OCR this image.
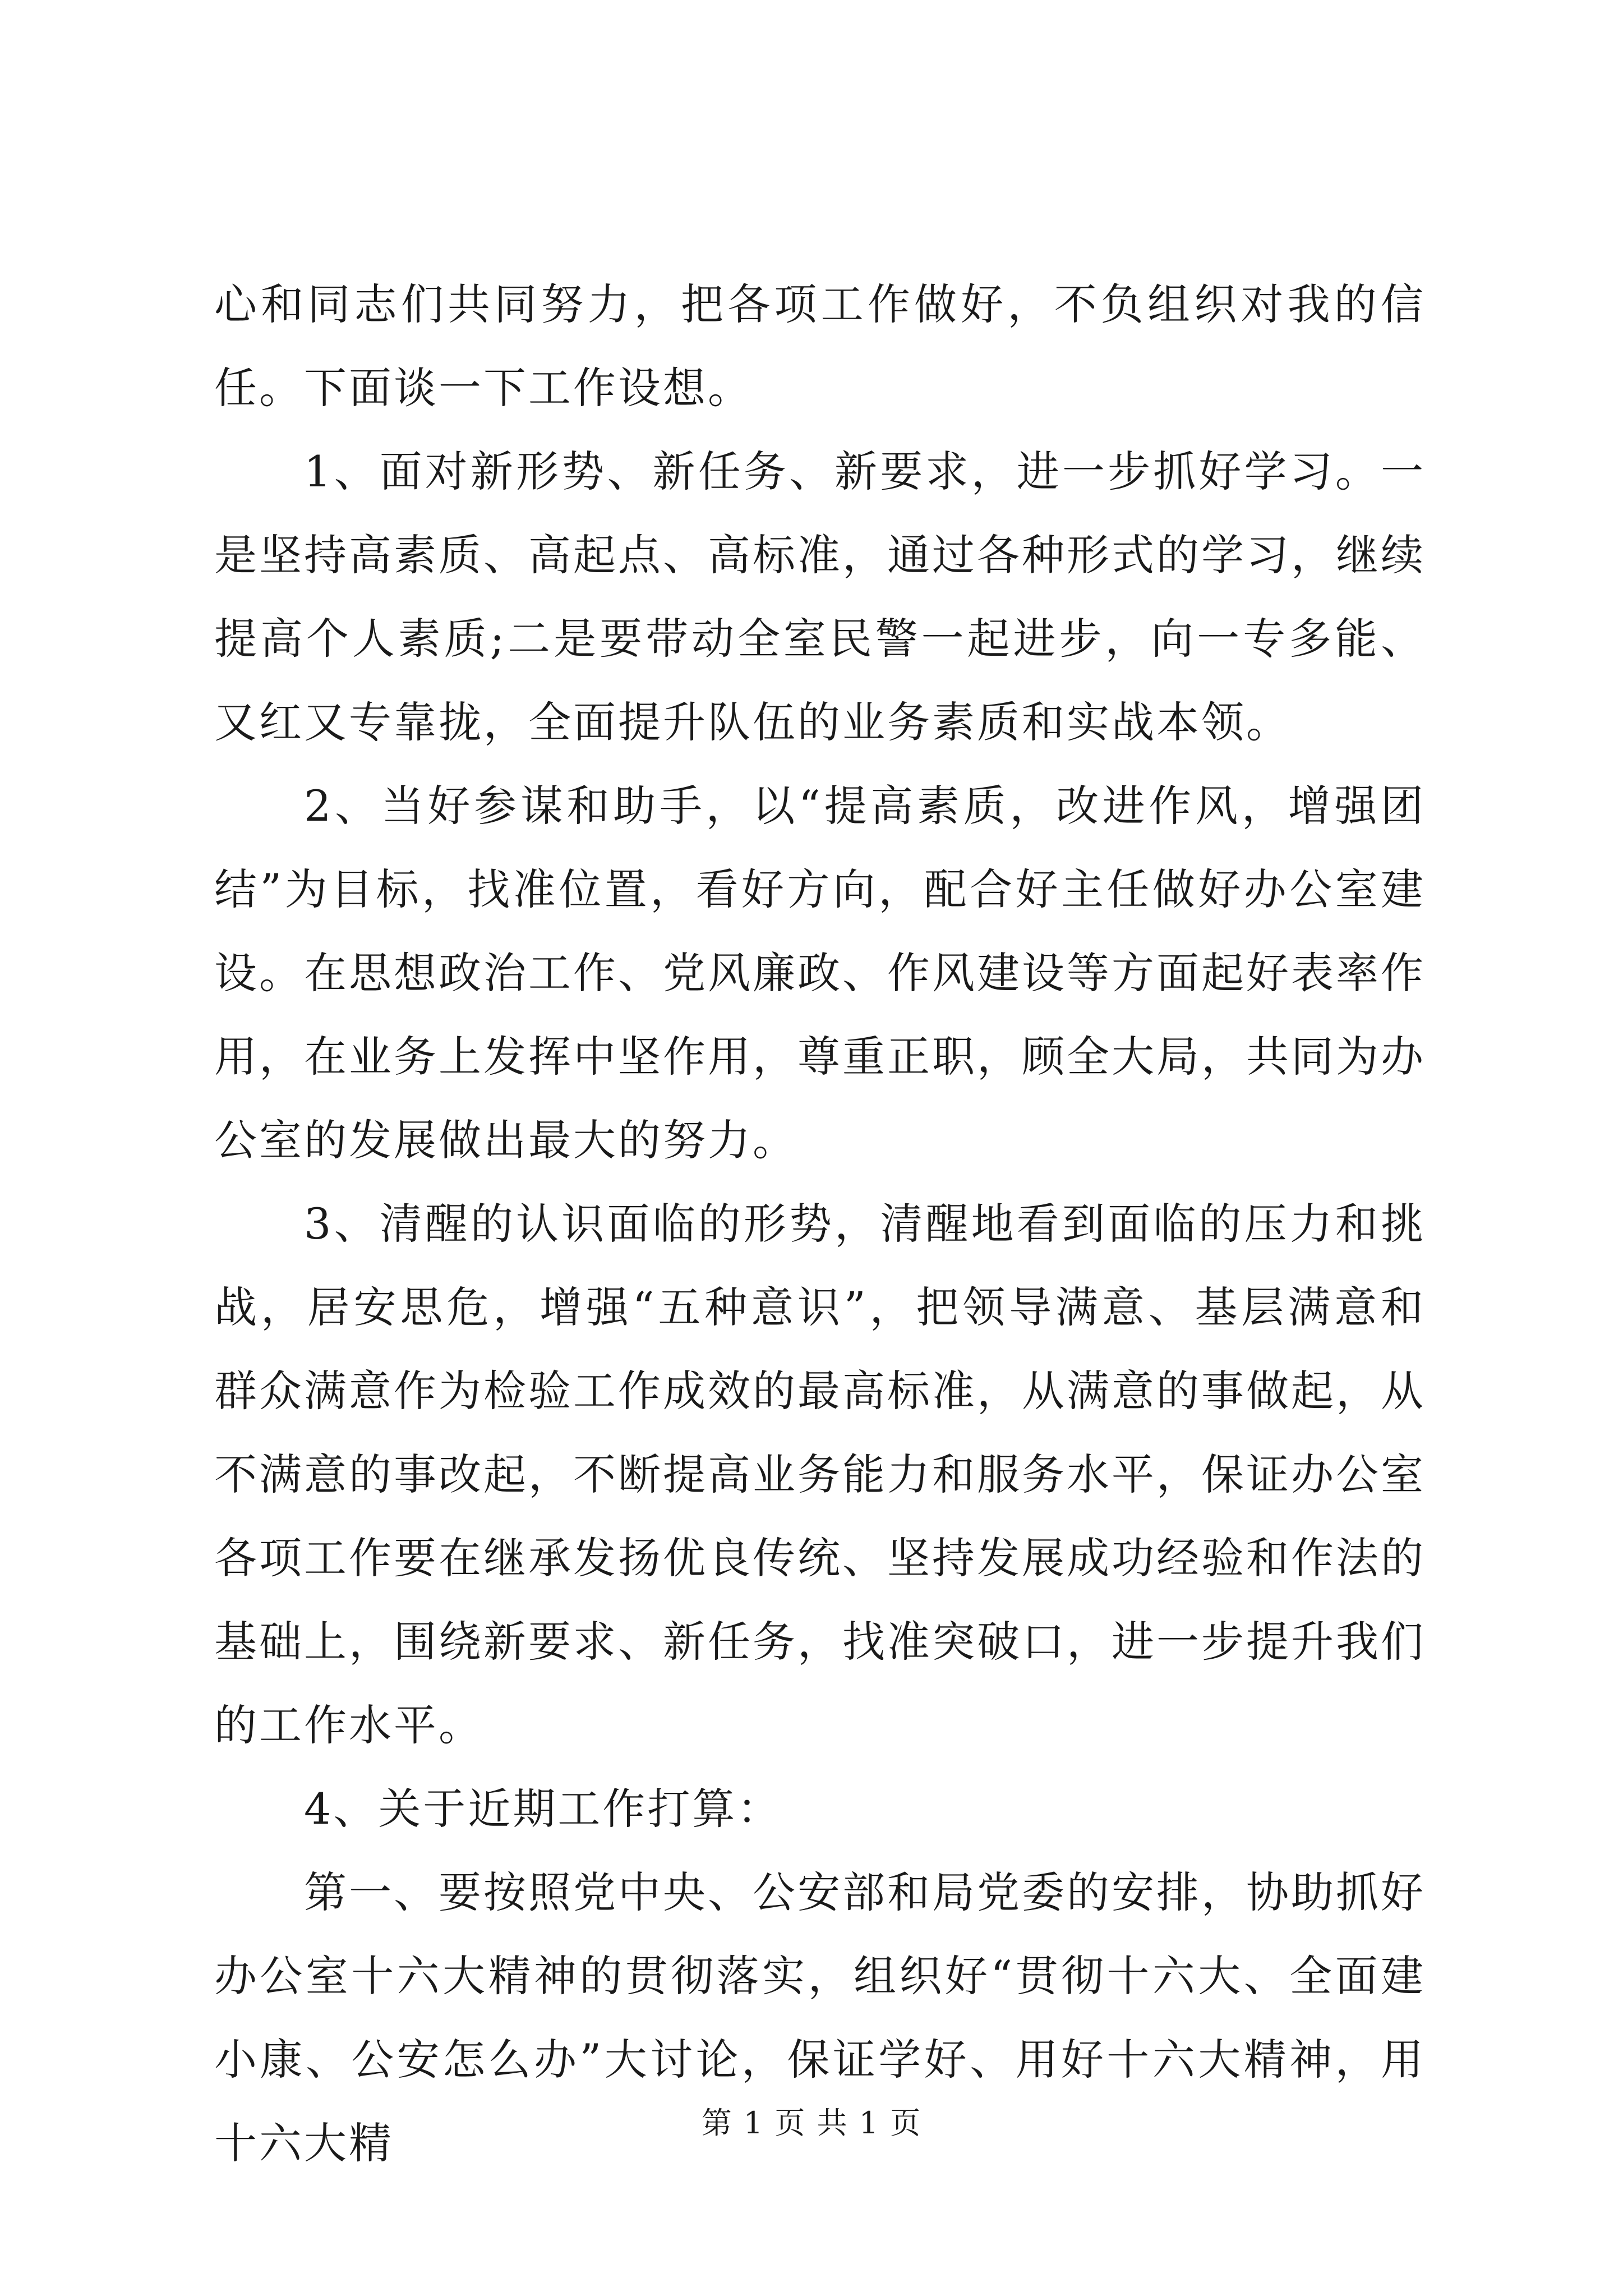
心和同志们共同努力，把各项工作做好，不负组织对我的信任。下面谈一下工作设想。

1、面对新形势、新任务、新要求，进一步抓好学习。一是坚持高素质、高起点、高标准，通过各种形式的学习，继续提高个人素质;二是要带动全室民警一起进步，向一专多能、又红又专靠拢，全面提升队伍的业务素质和实战本领。

2、当好参谋和助手，以“提高素质，改进作风，增强团结”为目标，找准位置，看好方向，配合好主任做好办公室建设。在思想政治工作、党风廉政、作风建设等方面起好表率作用，在业务上发挥中坚作用，尊重正职，顾全大局，共同为办公室的发展做出最大的努力。

3、清醒的认识面临的形势，清醒地看到面临的压力和挑战，居安思危，增强“五种意识”，把领导满意、基层满意和群众满意作为检验工作成效的最高标准，从满意的事做起，从不满意的事改起，不断提高业务能力和服务水平，保证办公室各项工作要在继承发扬优良传统、坚持发展成功经验和作法的基础上，围绕新要求、新任务，找准突破口，进一步提升我们的工作水平。

4、关于近期工作打算：

第一、要按照党中央、公安部和局党委的安排，协助抓好办公室十六大精神的贯彻落实，组织好“贯彻十六大、全面建小康、公安怎么办”大讨论，保证学好、用好十六大精神，用十六大精	第 1 页 共 1 页
